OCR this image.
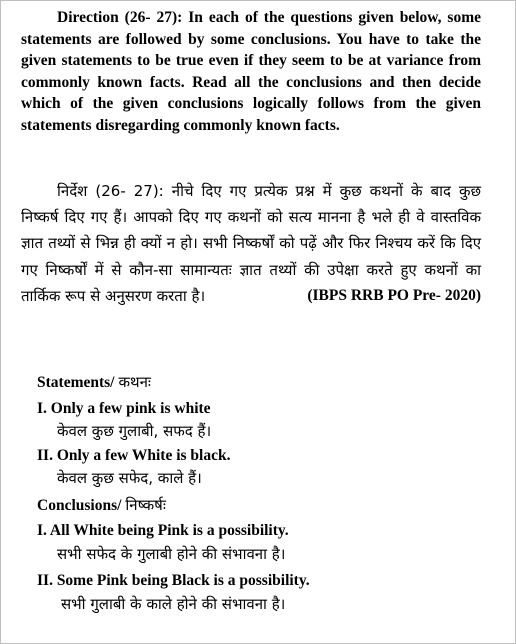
Direction (26- 27): In each of the questions given below, some statements are followed by some conclusions. You have to take the given statements to be true even if they seem to be at variance from commonly known facts. Read all the conclusions and then decide which of the given conclusions logically follows from the given statements disregarding commonly known facts.

निर्देश (26- 27): नीचे दिए गए प्रत्येक प्रश्न में कुछ कथनों के बाद कुछ निष्कर्ष दिए गए हैं। आपको दिए गए कथनों को सत्य मानना है भले ही वे वास्तविक ज्ञात तथ्यों से भिन्न ही क्यों न हो। सभी निष्कर्षों को पढ़ें और फिर निश्चय करें कि दिए गए निष्कर्षों में से कौन-सा सामान्यतः ज्ञात तथ्यों की उपेक्षा करते हुए कथनों का तार्किक रूप से अनुसरण करता है।	(IBPS RRB PO Pre- 2020)

Statements/ कथनः

I. Only a few pink is white

केवल कुछ गुलाबी, सफद हैं।

II. Only a few White is black.

केवल कुछ सफेद, काले हैं।

Conclusions/ निष्कर्षः

I. All White being Pink is a possibility.

सभी सफेद के गुलाबी होने की संभावना है।

II. Some Pink being Black is a possibility.

सभी गुलाबी के काले होने की संभावना है।
